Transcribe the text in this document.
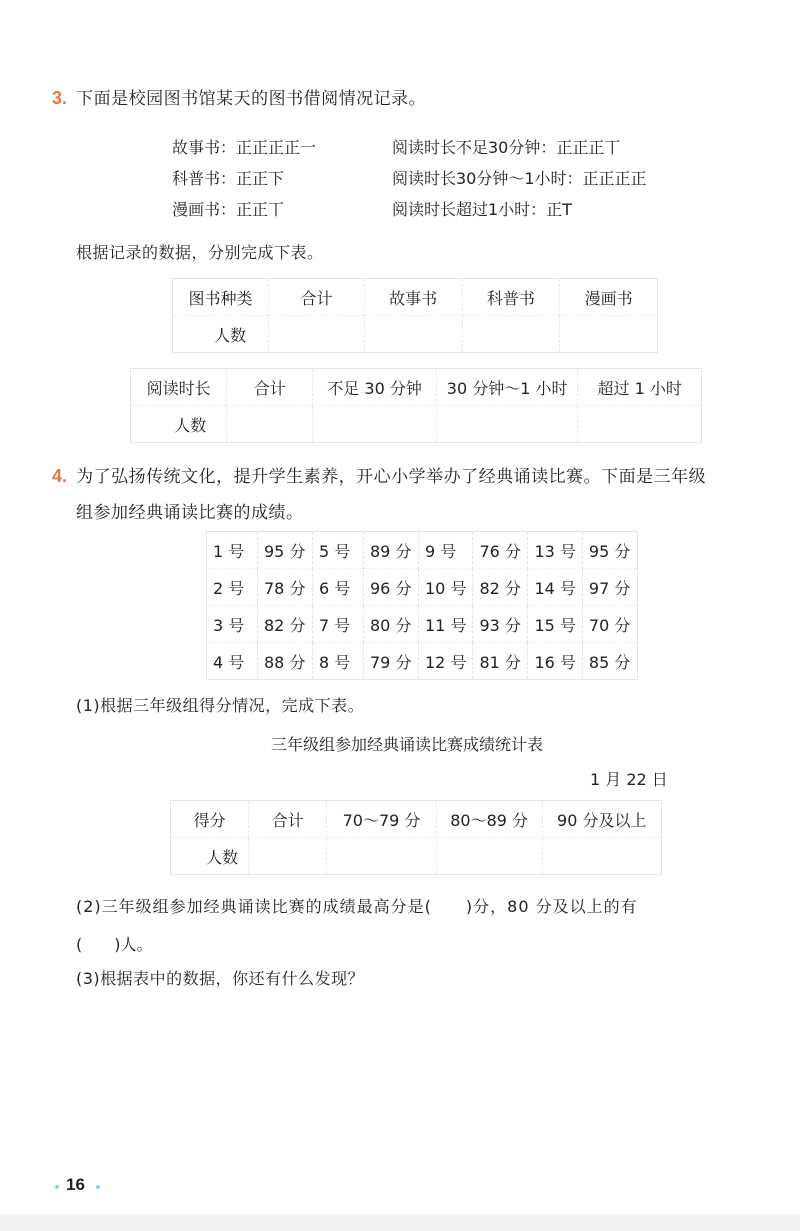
3. 下面是校园图书馆某天的图书借阅情况记录。
故事书：正正正正一
科普书：正正下
漫画书：正正丅
阅读时长不足30分钟：正正正丅
阅读时长30分钟～1小时：正正正正
阅读时长超过1小时：正T
根据记录的数据，分别完成下表。
图书种类	合计	故事书	科普书	漫画书
人数				
阅读时长	合计	不足 30 分钟	30 分钟～1 小时	超过 1 小时
人数				
4. 为了弘扬传统文化，提升学生素养，开心小学举办了经典诵读比赛。下面是三年级
组参加经典诵读比赛的成绩。
1 号	95 分	5 号	89 分	9 号	76 分	13 号	95 分
2 号	78 分	6 号	96 分	10 号	82 分	14 号	97 分
3 号	82 分	7 号	80 分	11 号	93 分	15 号	70 分
4 号	88 分	8 号	79 分	12 号	81 分	16 号	85 分
(1)根据三年级组得分情况，完成下表。
三年级组参加经典诵读比赛成绩统计表
1 月 22 日
得分	合计	70～79 分	80～89 分	90 分及以上
人数				
(2)三年级组参加经典诵读比赛的成绩最高分是(　　)分，80 分及以上的有
(　　)人。
(3)根据表中的数据，你还有什么发现？
16
